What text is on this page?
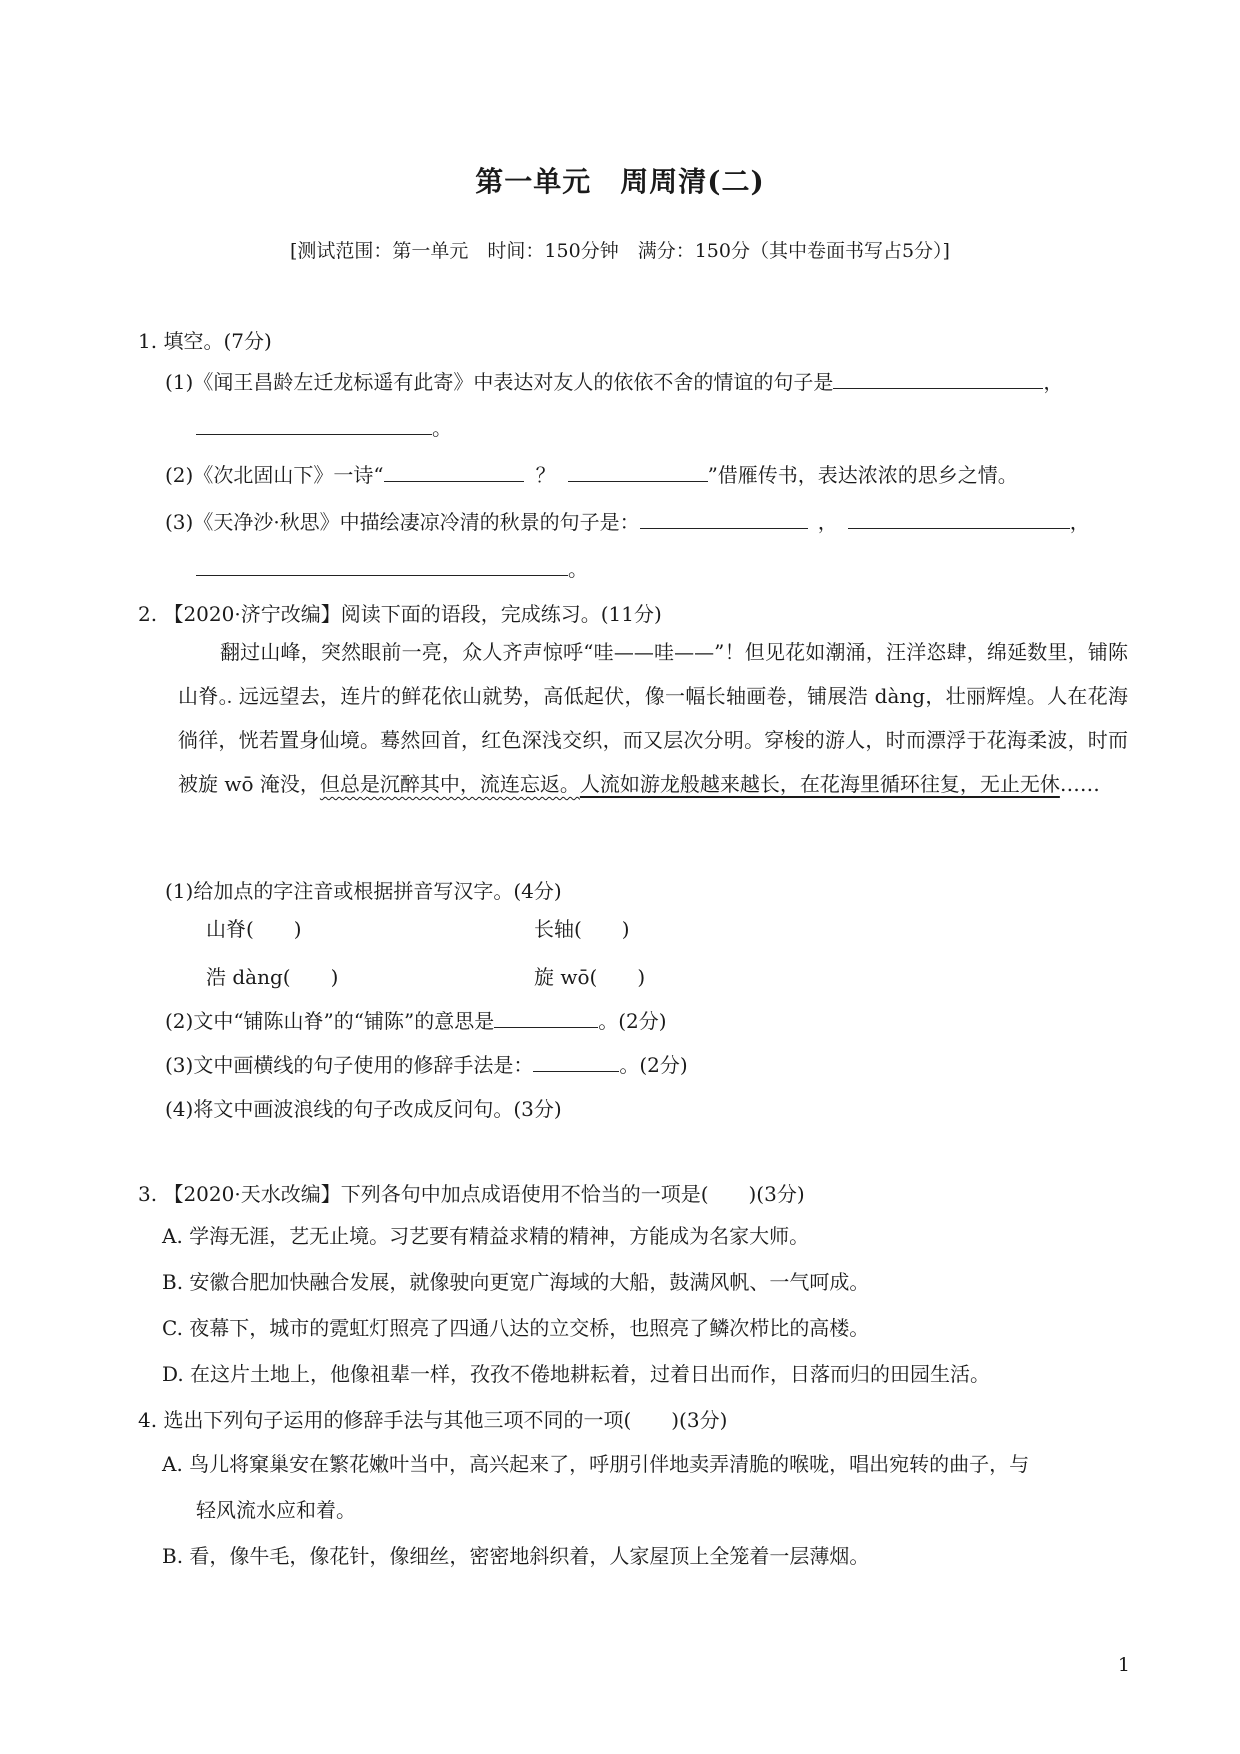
第一单元　周周清(二)
[测试范围：第一单元　时间：150分钟　满分：150分（其中卷面书写占5分）]
1. 填空。(7分)
(1)《闻王昌龄左迁龙标遥有此寄》中表达对友人的依依不舍的情谊的句子是	，
。
(2)《次北固山下》一诗“	？	”借雁传书，表达浓浓的思乡之情。
(3)《天净沙·秋思》中描绘凄凉冷清的秋景的句子是：	，	，
。
2. 【2020·济宁改编】阅读下面的语段，完成练习。(11分)
翻过山峰，突然眼前一亮，众人齐声惊呼“哇——哇——”！但见花如潮涌，汪洋恣肆，绵延数里，铺陈山脊。远远望去，连片的鲜花依山就势，高低起伏，像一幅长轴画卷，铺展浩 dàng，壮丽辉煌。人在花海徜徉，恍若置身仙境。蓦然回首，红色深浅交织，而又层次分明。穿梭的游人，时而漂浮于花海柔波，时而被旋 wō 淹没，但总是沉醉其中，流连忘返。人流如游龙般越来越长，在花海里循环往复，无止无休……
(1)给加点的字注音或根据拼音写汉字。(4分)
山脊(　　)	长轴(　　)
浩 dàng(　　)	旋 wō(　　)
(2)文中“铺陈山脊”的“铺陈”的意思是	。(2分)
(3)文中画横线的句子使用的修辞手法是：	。(2分)
(4)将文中画波浪线的句子改成反问句。(3分)
3. 【2020·天水改编】下列各句中加点成语使用不恰当的一项是(　　)(3分)
A. 学海无涯，艺无止境。习艺要有精益求精的精神，方能成为名家大师。
B. 安徽合肥加快融合发展，就像驶向更宽广海域的大船，鼓满风帆、一气呵成。
C. 夜幕下，城市的霓虹灯照亮了四通八达的立交桥，也照亮了鳞次栉比的高楼。
D. 在这片土地上，他像祖辈一样，孜孜不倦地耕耘着，过着日出而作，日落而归的田园生活。
4. 选出下列句子运用的修辞手法与其他三项不同的一项(　　)(3分)
A. 鸟儿将窠巢安在繁花嫩叶当中，高兴起来了，呼朋引伴地卖弄清脆的喉咙，唱出宛转的曲子，与
轻风流水应和着。
B. 看，像牛毛，像花针，像细丝，密密地斜织着，人家屋顶上全笼着一层薄烟。
1
